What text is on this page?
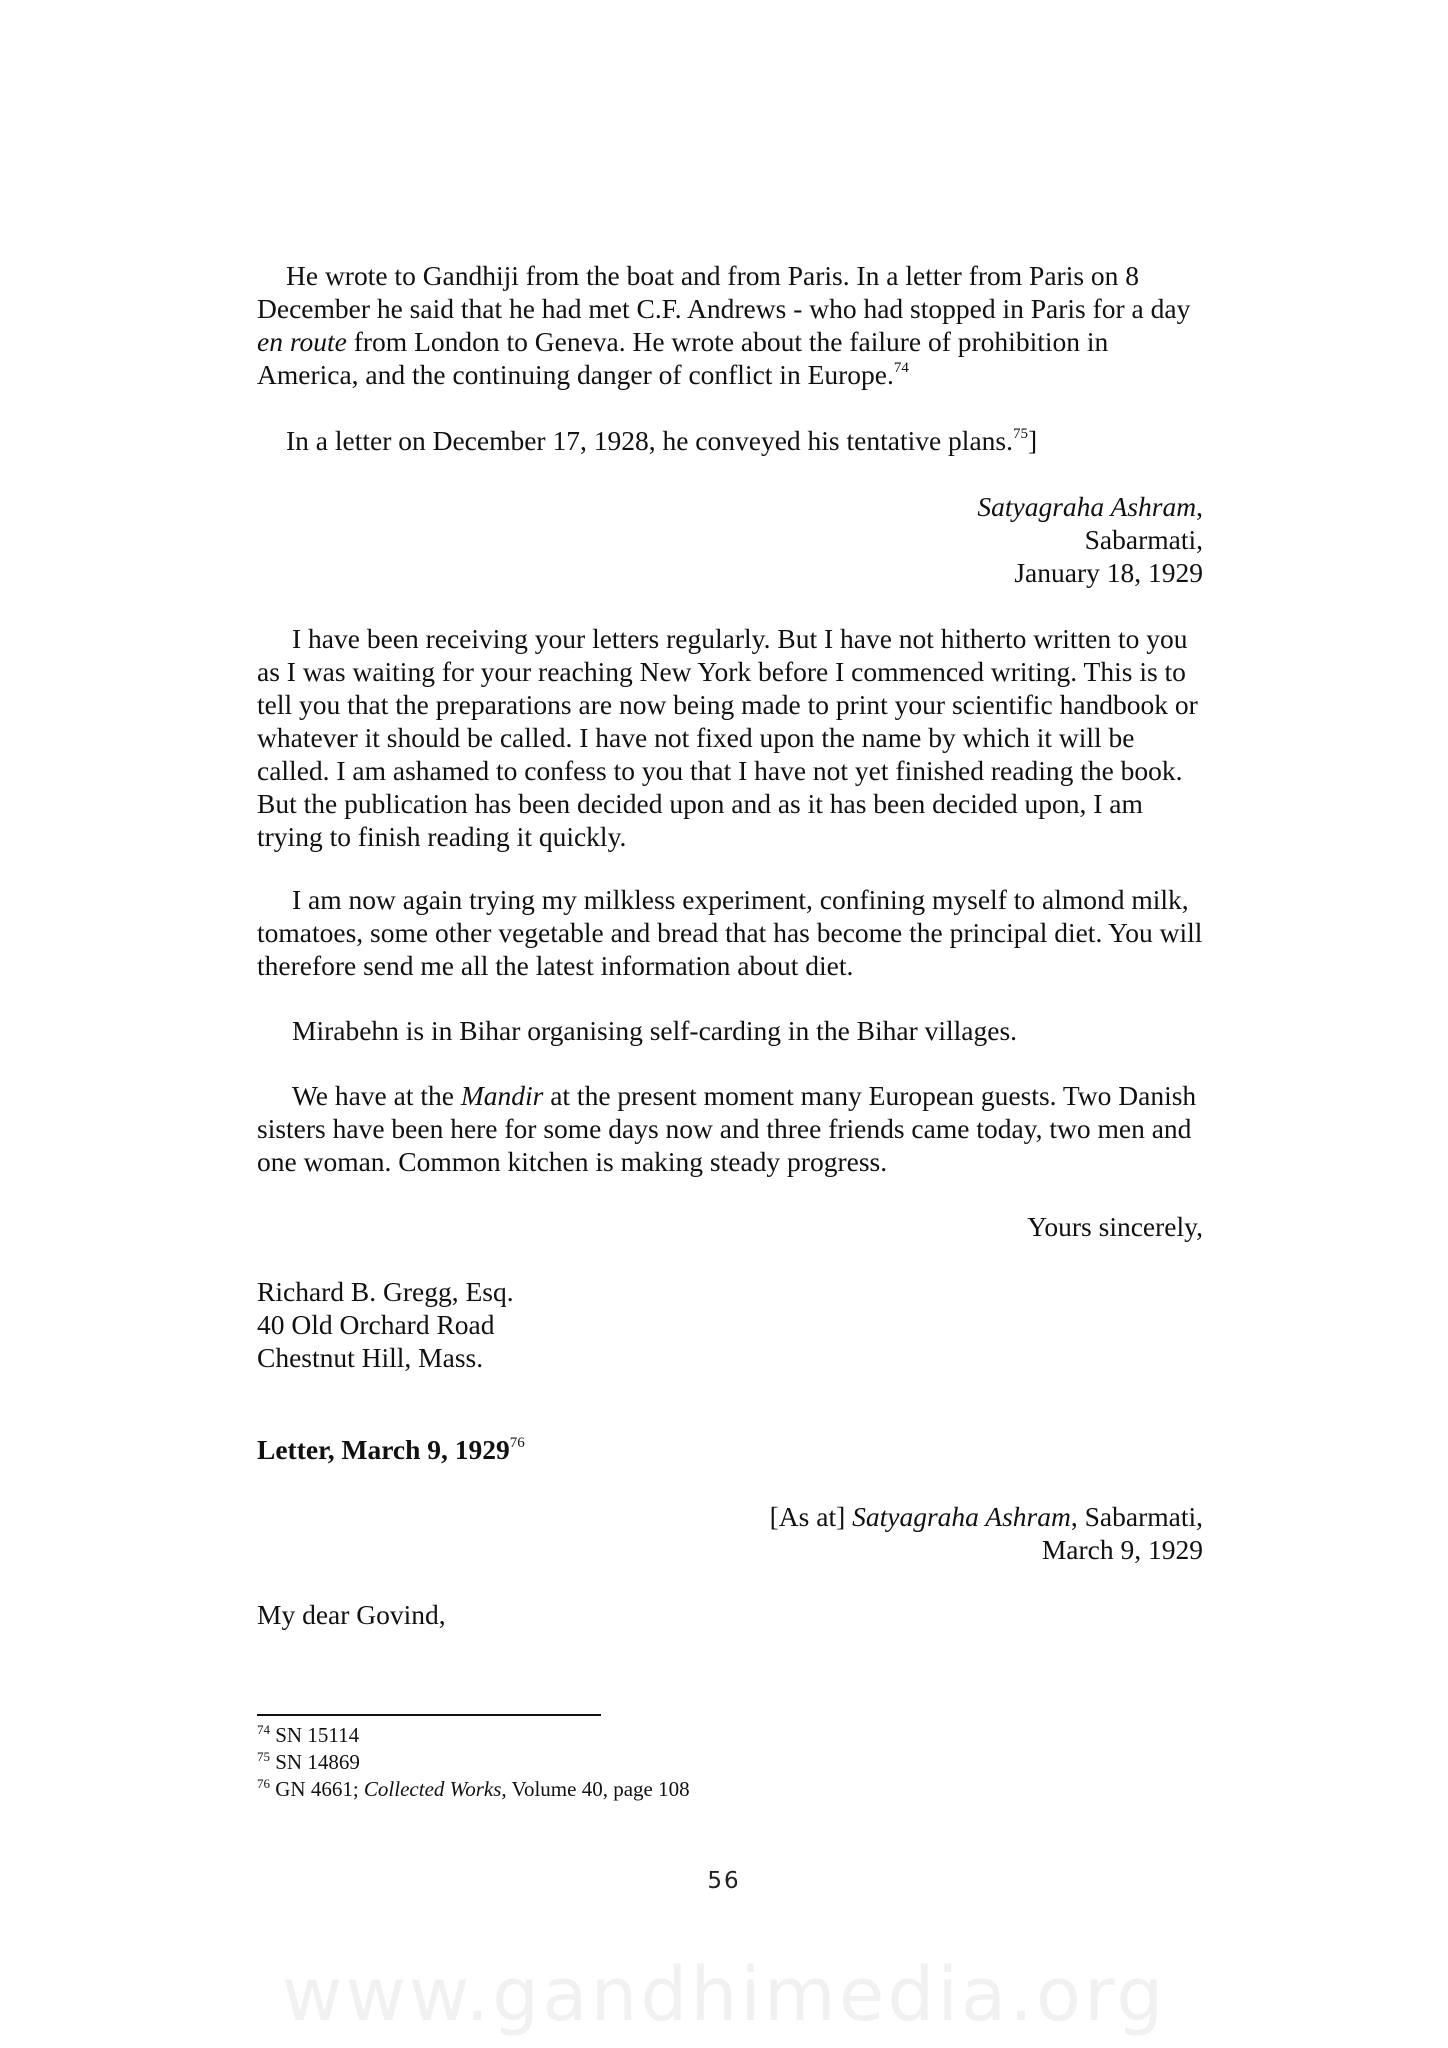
He wrote to Gandhiji from the boat and from Paris. In a letter from Paris on 8 December he said that he had met C.F. Andrews - who had stopped in Paris for a day en route from London to Geneva. He wrote about the failure of prohibition in America, and the continuing danger of conflict in Europe.$^{74}$

In a letter on December 17, 1928, he conveyed his tentative plans.$^{75}$]

Satyagraha Ashram,

Sabarmati,

January 18, 1929

I have been receiving your letters regularly. But I have not hitherto written to you as I was waiting for your reaching New York before I commenced writing. This is to tell you that the preparations are now being made to print your scientific handbook or whatever it should be called. I have not fixed upon the name by which it will be called. I am ashamed to confess to you that I have not yet finished reading the book. But the publication has been decided upon and as it has been decided upon, I am trying to finish reading it quickly.

I am now again trying my milkless experiment, confining myself to almond milk, tomatoes, some other vegetable and bread that has become the principal diet. You will therefore send me all the latest information about diet.

Mirabehn is in Bihar organising self-carding in the Bihar villages.

We have at the Mandir at the present moment many European guests. Two Danish sisters have been here for some days now and three friends came today, two men and one woman. Common kitchen is making steady progress.

Yours sincerely,

Richard B. Gregg, Esq.

40 Old Orchard Road

Chestnut Hill, Mass.

Letter, March 9, 1929$^{76}$

[As at] Satyagraha Ashram, Sabarmati,

March 9, 1929

My dear Govind,

$^{74}$ SN 15114

$^{75}$ SN 14869

$^{76}$ GN 4661; Collected Works, Volume 40, page 108

56
www.gandhimedia.org
